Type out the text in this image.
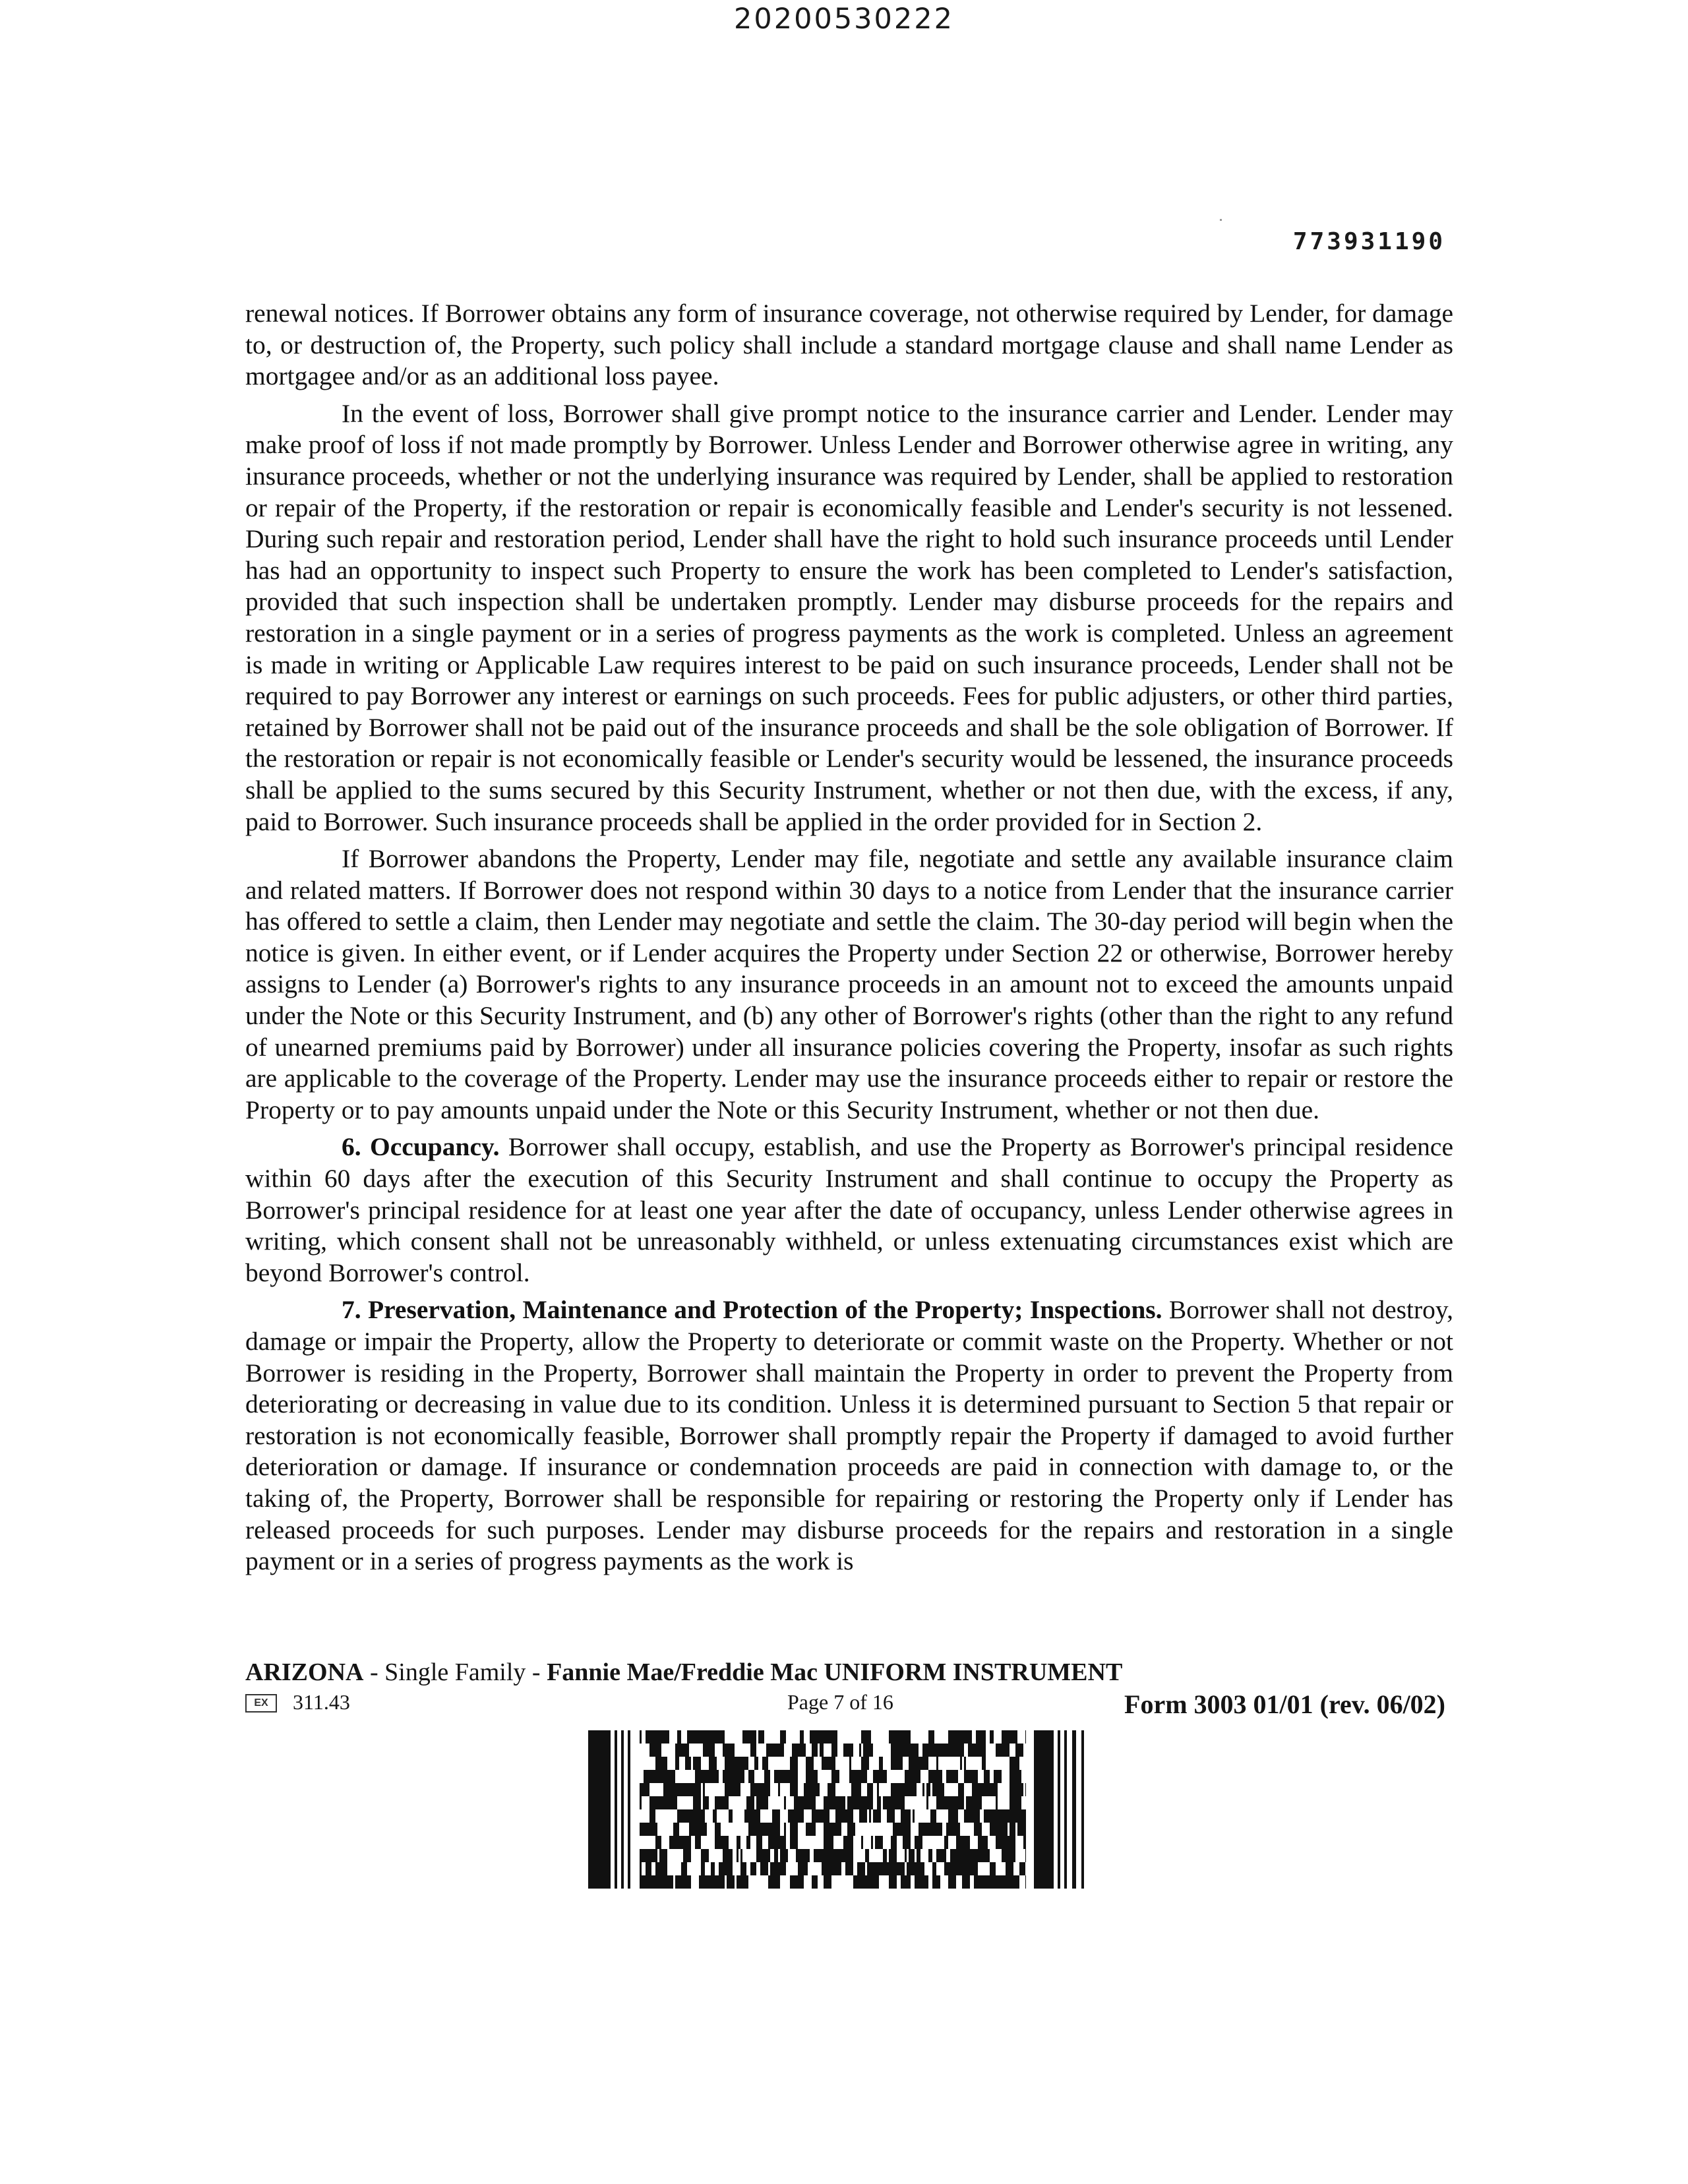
20200530222
773931190

renewal notices. If Borrower obtains any form of insurance coverage, not otherwise required by Lender, for damage to, or destruction of, the Property, such policy shall include a standard mortgage clause and shall name Lender as mortgagee and/or as an additional loss payee.

In the event of loss, Borrower shall give prompt notice to the insurance carrier and Lender. Lender may make proof of loss if not made promptly by Borrower. Unless Lender and Borrower otherwise agree in writing, any insurance proceeds, whether or not the underlying insurance was required by Lender, shall be applied to restoration or repair of the Property, if the restoration or repair is economically feasible and Lender's security is not lessened. During such repair and restoration period, Lender shall have the right to hold such insurance proceeds until Lender has had an opportunity to inspect such Property to ensure the work has been completed to Lender's satisfaction, provided that such inspection shall be undertaken promptly. Lender may disburse proceeds for the repairs and restoration in a single payment or in a series of progress payments as the work is completed. Unless an agreement is made in writing or Applicable Law requires interest to be paid on such insurance proceeds, Lender shall not be required to pay Borrower any interest or earnings on such proceeds. Fees for public adjusters, or other third parties, retained by Borrower shall not be paid out of the insurance proceeds and shall be the sole obligation of Borrower. If the restoration or repair is not economically feasible or Lender's security would be lessened, the insurance proceeds shall be applied to the sums secured by this Security Instrument, whether or not then due, with the excess, if any, paid to Borrower. Such insurance proceeds shall be applied in the order provided for in Section 2.

If Borrower abandons the Property, Lender may file, negotiate and settle any available insurance claim and related matters. If Borrower does not respond within 30 days to a notice from Lender that the insurance carrier has offered to settle a claim, then Lender may negotiate and settle the claim. The 30-day period will begin when the notice is given. In either event, or if Lender acquires the Property under Section 22 or otherwise, Borrower hereby assigns to Lender (a) Borrower's rights to any insurance proceeds in an amount not to exceed the amounts unpaid under the Note or this Security Instrument, and (b) any other of Borrower's rights (other than the right to any refund of unearned premiums paid by Borrower) under all insurance policies covering the Property, insofar as such rights are applicable to the coverage of the Property. Lender may use the insurance proceeds either to repair or restore the Property or to pay amounts unpaid under the Note or this Security Instrument, whether or not then due.

6. Occupancy. Borrower shall occupy, establish, and use the Property as Borrower's principal residence within 60 days after the execution of this Security Instrument and shall continue to occupy the Property as Borrower's principal residence for at least one year after the date of occupancy, unless Lender otherwise agrees in writing, which consent shall not be unreasonably withheld, or unless extenuating circumstances exist which are beyond Borrower's control.

7. Preservation, Maintenance and Protection of the Property; Inspections. Borrower shall not destroy, damage or impair the Property, allow the Property to deteriorate or commit waste on the Property. Whether or not Borrower is residing in the Property, Borrower shall maintain the Property in order to prevent the Property from deteriorating or decreasing in value due to its condition. Unless it is determined pursuant to Section 5 that repair or restoration is not economically feasible, Borrower shall promptly repair the Property if damaged to avoid further deterioration or damage. If insurance or condemnation proceeds are paid in connection with damage to, or the taking of, the Property, Borrower shall be responsible for repairing or restoring the Property only if Lender has released proceeds for such purposes. Lender may disburse proceeds for the repairs and restoration in a single payment or in a series of progress payments as the work is

ARIZONA - Single Family - Fannie Mae/Freddie Mac UNIFORM INSTRUMENT
EX	311.43	Page 7 of 16	Form 3003 01/01 (rev. 06/02)
